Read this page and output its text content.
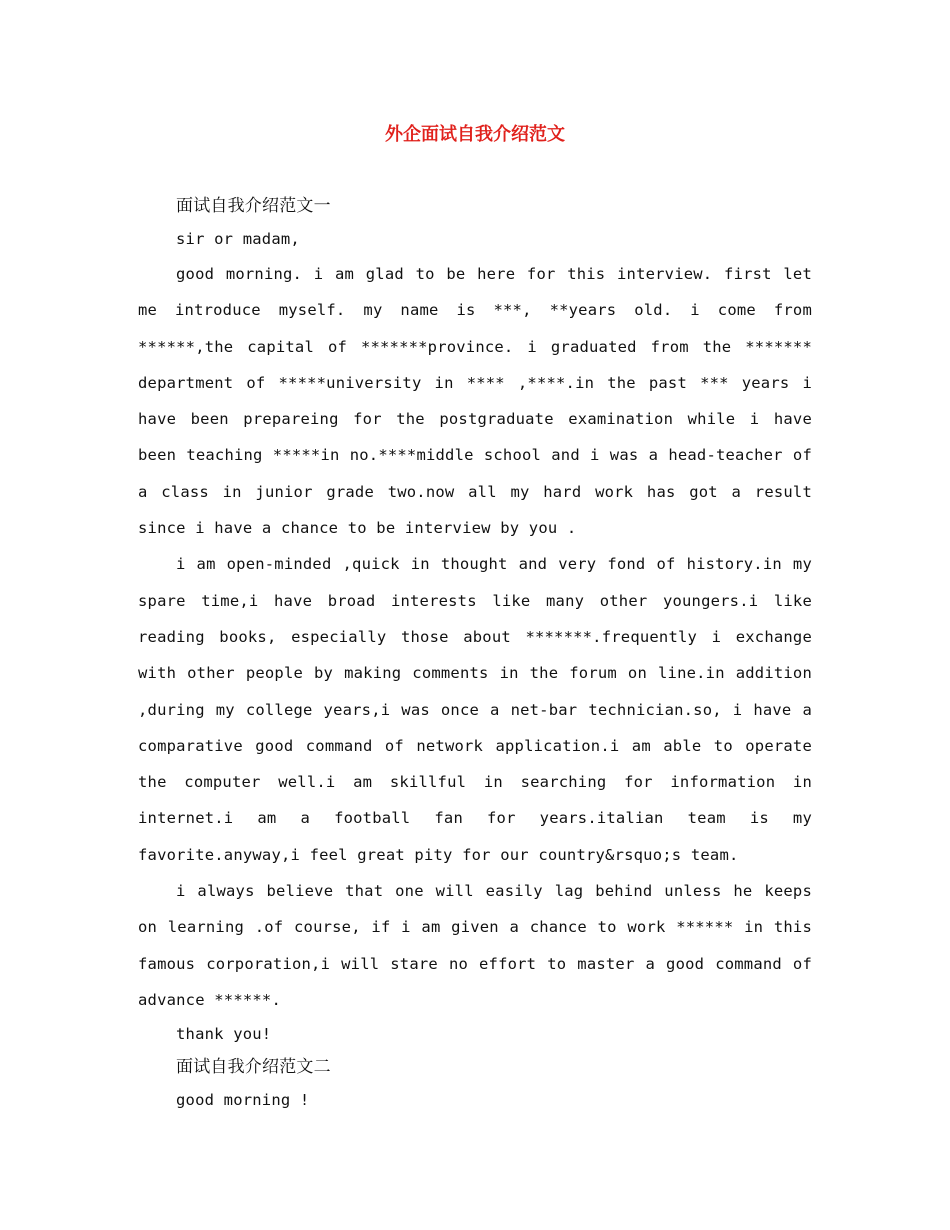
外企面试自我介绍范文

面试自我介绍范文一

sir or madam,

good morning. i am glad to be here for this interview. first let me introduce myself. my name is ***, **years old. i come from ******,the capital of *******province. i graduated from the ******* department of *****university in **** ,****.in the past *** years i have been prepareing for the postgraduate examination while i have been teaching *****in no.****middle school and i was a head-teacher of a class in junior grade two.now all my hard work has got a result since i have a chance to be interview by you .

i am open-minded ,quick in thought and very fond of history.in my spare time,i have broad interests like many other youngers.i like reading books, especially those about *******.frequently i exchange with other people by making comments in the forum on line.in addition ,during my college years,i was once a net-bar technician.so, i have a comparative good command of network application.i am able to operate the computer well.i am skillful in searching for information in internet.i am a football fan for years.italian team is my favorite.anyway,i feel great pity for our country&rsquo;s team.

i always believe that one will easily lag behind unless he keeps on learning .of course, if i am given a chance to work ****** in this famous corporation,i will stare no effort to master a good command of advance ******.

thank you!

面试自我介绍范文二

good morning !
